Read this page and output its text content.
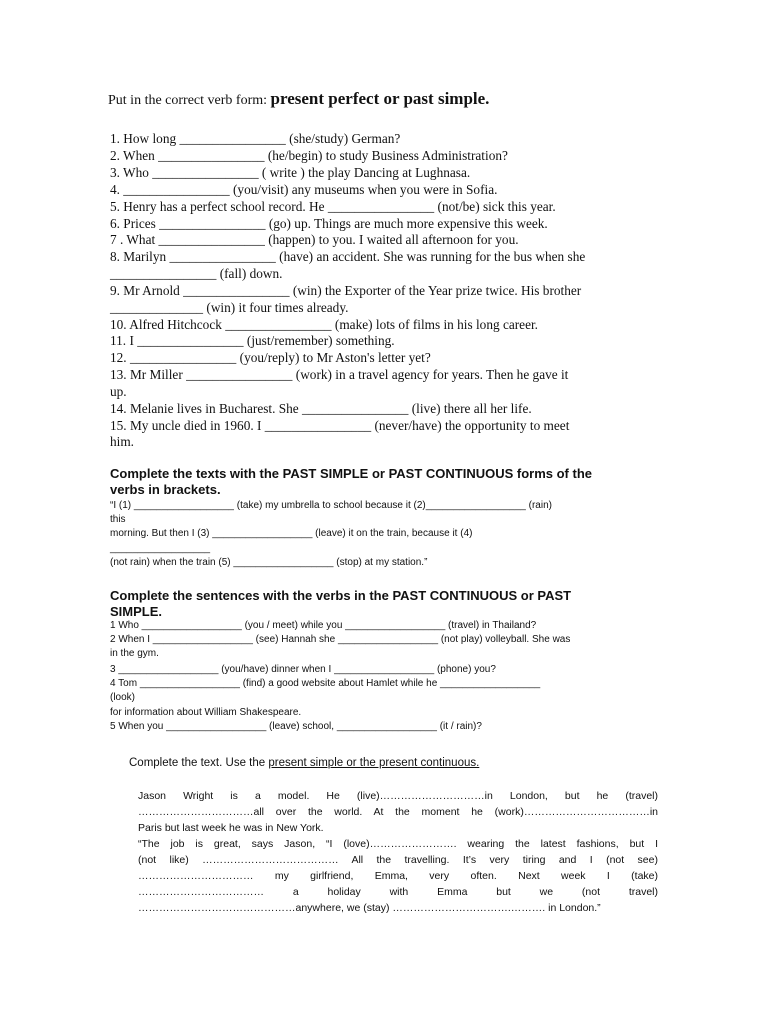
Put in the correct verb form: present perfect or past simple.
1. How long ________________ (she/study) German?
2. When ________________ (he/begin) to study Business Administration?
3. Who ________________ ( write ) the play Dancing at Lughnasa.
4. ________________ (you/visit) any museums when you were in Sofia.
5. Henry has a perfect school record. He ________________ (not/be) sick this year.
6. Prices ________________ (go) up. Things are much more expensive this week.
7 . What ________________ (happen) to you. I waited all afternoon for you.
8. Marilyn ________________ (have) an accident. She was running for the bus when she
________________ (fall) down.
9. Mr Arnold ________________ (win) the Exporter of the Year prize twice. His brother
______________ (win) it four times already.
10. Alfred Hitchcock ________________ (make) lots of films in his long career.
11. I ________________ (just/remember) something.
12. ________________ (you/reply) to Mr Aston's letter yet?
13. Mr Miller ________________ (work) in a travel agency for years. Then he gave it
up.
14. Melanie lives in Bucharest. She ________________ (live) there all her life.
15. My uncle died in 1960. I ________________ (never/have) the opportunity to meet
him.
Complete the texts with the PAST SIMPLE or PAST CONTINUOUS forms of the
verbs in brackets.
“I (1) __________________ (take) my umbrella to school because it (2)__________________ (rain)
this
morning. But then I (3) __________________ (leave) it on the train, because it (4)
__________________
(not rain) when the train (5) __________________ (stop) at my station.”
Complete the sentences with the verbs in the PAST CONTINUOUS or PAST
SIMPLE.
1 Who __________________ (you / meet) while you __________________ (travel) in Thailand?
2 When I __________________ (see) Hannah she __________________ (not play) volleyball. She was
in the gym.
3 __________________ (you/have) dinner when I __________________ (phone) you?
4 Tom __________________ (find) a good website about Hamlet while he __________________
(look)
for information about William Shakespeare.
5 When you __________________ (leave) school, __________________ (it / rain)?
Complete the text. Use the present simple or the present continuous.
Jason Wright is a model. He (live)…………………………in London, but he (travel)
……………………………all over the world. At the moment he (work)………………………………in
Paris but last week he was in New York.
“The job is great, says Jason, “I (love)……………………. wearing the latest fashions, but I
(not like) ………………………………… All the travelling. It’s very tiring and I (not see)
…………………………… my girlfriend, Emma, very often. Next week I (take)
……………………………… a holiday with Emma but we (not travel)
………………………………………anywhere, we (stay) …………………………….………. in London.”
